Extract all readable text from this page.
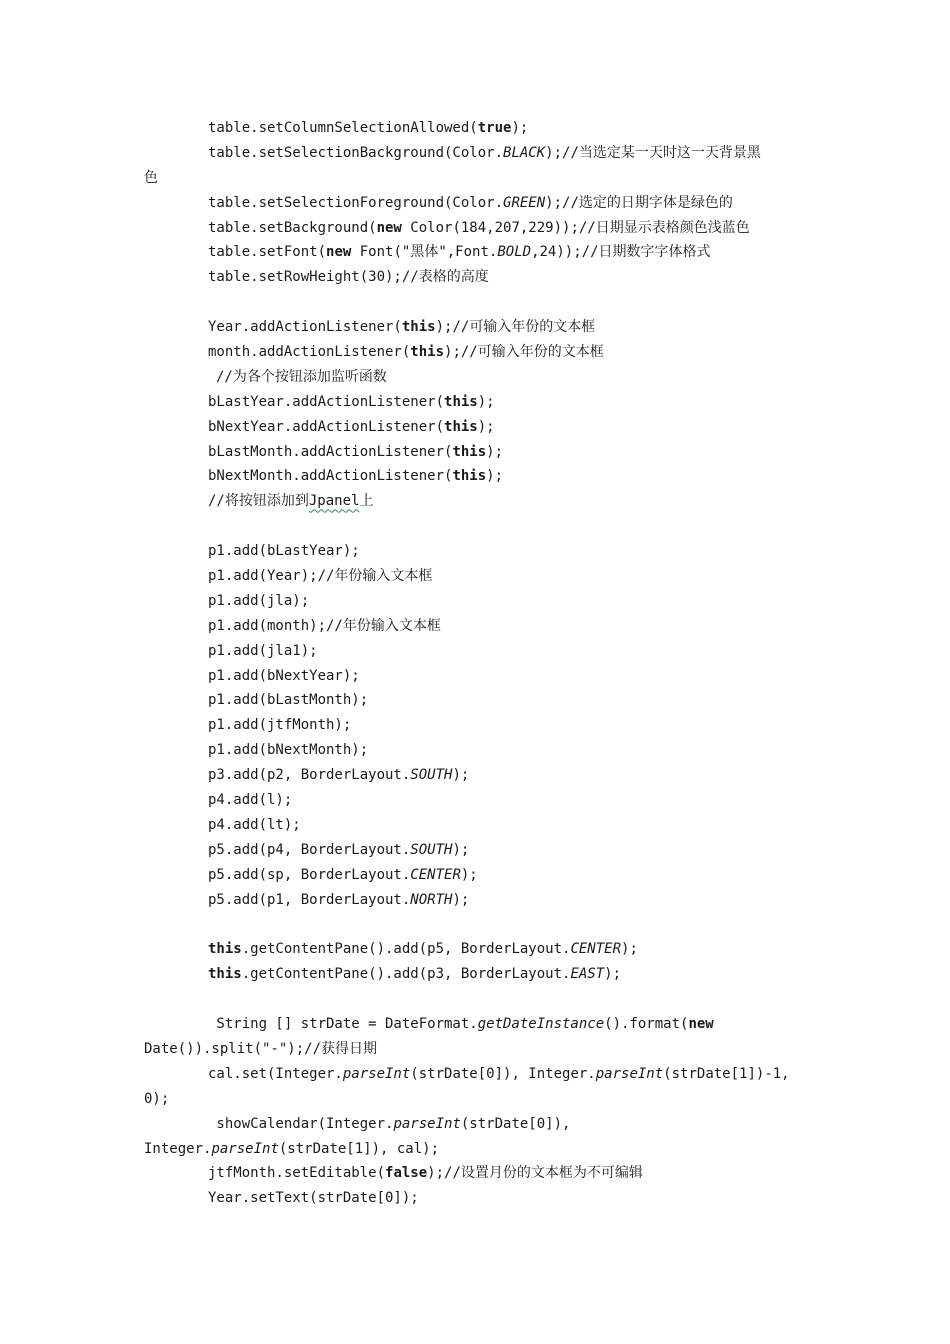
table.setColumnSelectionAllowed(true);
table.setSelectionBackground(Color.BLACK);//当选定某一天时这一天背景黑
色
table.setSelectionForeground(Color.GREEN);//选定的日期字体是绿色的
table.setBackground(new Color(184,207,229));//日期显示表格颜色浅蓝色
table.setFont(new Font("黑体",Font.BOLD,24));//日期数字字体格式
table.setRowHeight(30);//表格的高度
Year.addActionListener(this);//可输入年份的文本框
month.addActionListener(this);//可输入年份的文本框
//为各个按钮添加监听函数
bLastYear.addActionListener(this);
bNextYear.addActionListener(this);
bLastMonth.addActionListener(this);
bNextMonth.addActionListener(this);
//将按钮添加到Jpanel上
p1.add(bLastYear);
p1.add(Year);//年份输入文本框
p1.add(jla);
p1.add(month);//年份输入文本框
p1.add(jla1);
p1.add(bNextYear);
p1.add(bLastMonth);
p1.add(jtfMonth);
p1.add(bNextMonth);
p3.add(p2, BorderLayout.SOUTH);
p4.add(l);
p4.add(lt);
p5.add(p4, BorderLayout.SOUTH);
p5.add(sp, BorderLayout.CENTER);
p5.add(p1, BorderLayout.NORTH);
this.getContentPane().add(p5, BorderLayout.CENTER);
this.getContentPane().add(p3, BorderLayout.EAST);
String [] strDate = DateFormat.getDateInstance().format(new
Date()).split("-");//获得日期
cal.set(Integer.parseInt(strDate[0]), Integer.parseInt(strDate[1])-1,
0);
showCalendar(Integer.parseInt(strDate[0]),
Integer.parseInt(strDate[1]), cal);
jtfMonth.setEditable(false);//设置月份的文本框为不可编辑
Year.setText(strDate[0]);
